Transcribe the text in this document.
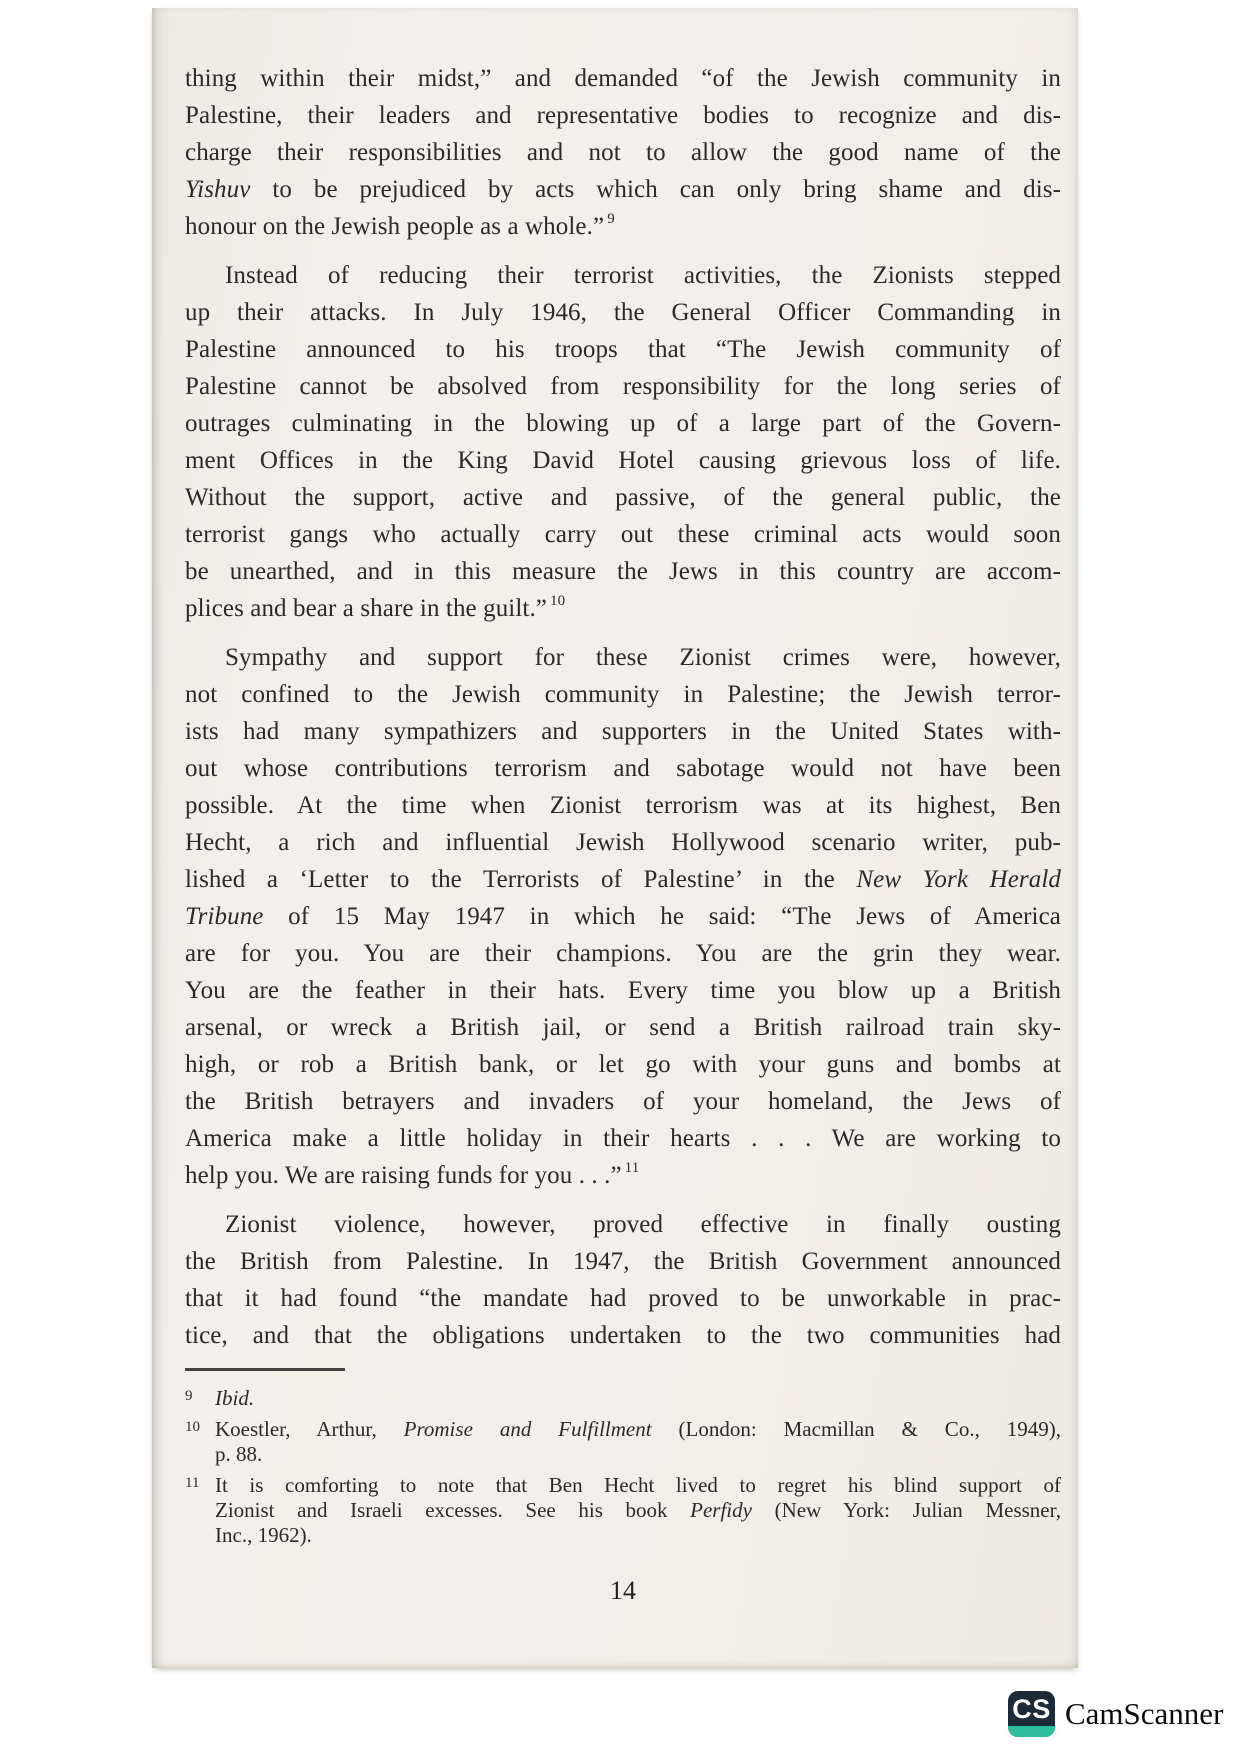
thing within their midst,” and demanded “of the Jewish community in
Palestine, their leaders and representative bodies to recognize and dis-
charge their responsibilities and not to allow the good name of the
Yishuv to be prejudiced by acts which can only bring shame and dis-
honour on the Jewish people as a whole.” $^9$
Instead of reducing their terrorist activities, the Zionists stepped
up their attacks. In July 1946, the General Officer Commanding in
Palestine announced to his troops that “The Jewish community of
Palestine cannot be absolved from responsibility for the long series of
outrages culminating in the blowing up of a large part of the Govern-
ment Offices in the King David Hotel causing grievous loss of life.
Without the support, active and passive, of the general public, the
terrorist gangs who actually carry out these criminal acts would soon
be unearthed, and in this measure the Jews in this country are accom-
plices and bear a share in the guilt.” $^{10}$
Sympathy and support for these Zionist crimes were, however,
not confined to the Jewish community in Palestine; the Jewish terror-
ists had many sympathizers and supporters in the United States with-
out whose contributions terrorism and sabotage would not have been
possible. At the time when Zionist terrorism was at its highest, Ben
Hecht, a rich and influential Jewish Hollywood scenario writer, pub-
lished a ‘Letter to the Terrorists of Palestine’ in the New York Herald
Tribune of 15 May 1947 in which he said: “The Jews of America
are for you. You are their champions. You are the grin they wear.
You are the feather in their hats. Every time you blow up a British
arsenal, or wreck a British jail, or send a British railroad train sky-
high, or rob a British bank, or let go with your guns and bombs at
the British betrayers and invaders of your homeland, the Jews of
America make a little holiday in their hearts . . . We are working to
help you. We are raising funds for you . . .” $^{11}$
Zionist violence, however, proved effective in finally ousting
the British from Palestine. In 1947, the British Government announced
that it had found “the mandate had proved to be unworkable in prac-
tice, and that the obligations undertaken to the two communities had
9 Ibid.
10 Koestler, Arthur, Promise and Fulfillment (London: Macmillan & Co., 1949),
p. 88.
11 It is comforting to note that Ben Hecht lived to regret his blind support of
Zionist and Israeli excesses. See his book Perfidy (New York: Julian Messner,
Inc., 1962).
14
CS CamScanner
